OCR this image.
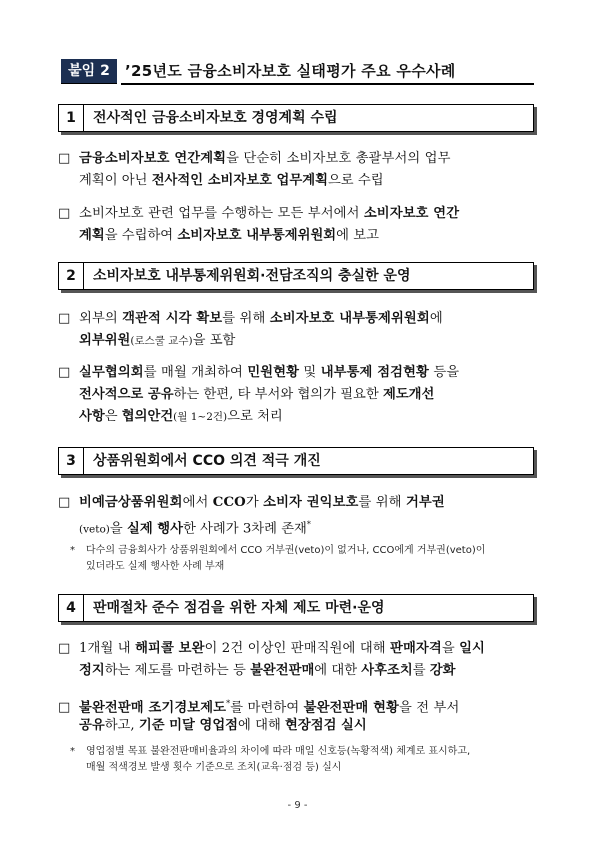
붙임 2	’25년도 금융소비자보호 실태평가 주요 우수사례
1	전사적인 금융소비자보호 경영계획 수립
□ 금융소비자보호 연간계획을 단순히 소비자보호 총괄부서의 업무
계획이 아닌 전사적인 소비자보호 업무계획으로 수립
□ 소비자보호 관련 업무를 수행하는 모든 부서에서 소비자보호 연간
계획을 수립하여 소비자보호 내부통제위원회에 보고
2	소비자보호 내부통제위원회·전담조직의 충실한 운영
□ 외부의 객관적 시각 확보를 위해 소비자보호 내부통제위원회에
외부위원(로스쿨 교수)을 포함
□ 실무협의회를 매월 개최하여 민원현황 및 내부통제 점검현황 등을
전사적으로 공유하는 한편, 타 부서와 협의가 필요한 제도개선
사항은 협의안건(월 1~2건)으로 처리
3	상품위원회에서 CCO 의견 적극 개진
□ 비예금상품위원회에서 CCO가 소비자 권익보호를 위해 거부권
(veto)을 실제 행사한 사례가 3차례 존재*
* 다수의 금융회사가 상품위원회에서 CCO 거부권(veto)이 없거나, CCO에게 거부권(veto)이
있더라도 실제 행사한 사례 부재
4	판매절차 준수 점검을 위한 자체 제도 마련·운영
□ 1개월 내 해피콜 보완이 2건 이상인 판매직원에 대해 판매자격을 일시
정지하는 제도를 마련하는 등 불완전판매에 대한 사후조치를 강화
□ 불완전판매 조기경보제도*를 마련하여 불완전판매 현황을 전 부서
공유하고, 기준 미달 영업점에 대해 현장점검 실시
* 영업점별 목표 불완전판매비율과의 차이에 따라 매일 신호등(녹황적색) 체계로 표시하고,
매월 적색경보 발생 횟수 기준으로 조치(교육·점검 등) 실시
- 9 -
